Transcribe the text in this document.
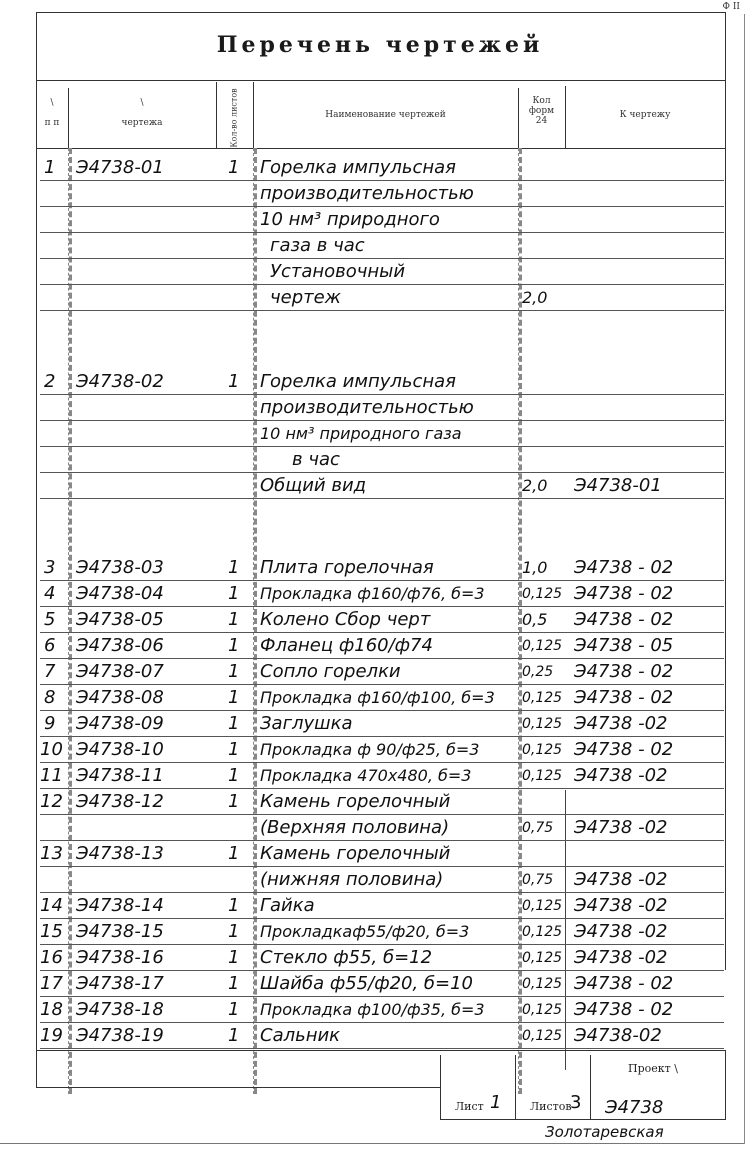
Ф II
Перечень чертежей
\
п п
\
чертежа	Кол-во листов	Наименование чертежей
Кол
форм
24
К чертежу
1 Э4738-01	1 Горелка импульсная
производительностью
10 нм³ природного
газа в час
Установочный
чертеж	2,0
2 Э4738-02	1 Горелка импульсная
производительностью
10 нм³ природного газа
в час
Общий вид	2,0 Э4738-01
3 Э4738-03	1 Плита горелочная	1,0 Э4738 - 02
4 Э4738-04	1 Прокладка ф160/ф76, б=3	0,125 Э4738 - 02
5 Э4738-05	1 Колено Сбор черт	0,5 Э4738 - 02
6 Э4738-06	1 Фланец ф160/ф74	0,125 Э4738 - 05
7 Э4738-07	1 Сопло горелки	0,25 Э4738 - 02
8 Э4738-08	1 Прокладка ф160/ф100, б=3 0,125 Э4738 - 02
9 Э4738-09	1 Заглушка	0,125 Э4738 -02
10 Э4738-10	1 Прокладка ф 90/ф25, б=3	0,125 Э4738 - 02
11 Э4738-11	1 Прокладка 470x480, б=3	0,125 Э4738 -02
12 Э4738-12	1 Камень горелочный
(Верхняя половина)	0,75 Э4738 -02
13 Э4738-13	1 Камень горелочный
(нижняя половина)	0,75 Э4738 -02
14 Э4738-14	1 Гайка	0,125 Э4738 -02
15 Э4738-15	1 Прокладкаф55/ф20, б=3	0,125 Э4738 -02
16 Э4738-16	1 Стекло ф55, б=12	0,125 Э4738 -02
17 Э4738-17	1 Шайба ф55/ф20, б=10	0,125 Э4738 - 02
18 Э4738-18	1 Прокладка ф100/ф35, б=3	0,125 Э4738 - 02
19 Э4738-19	1 Сальник	0,125 Э4738-02
Лист 1	Листов
3
Проект \
Э4738
Золотаревская
